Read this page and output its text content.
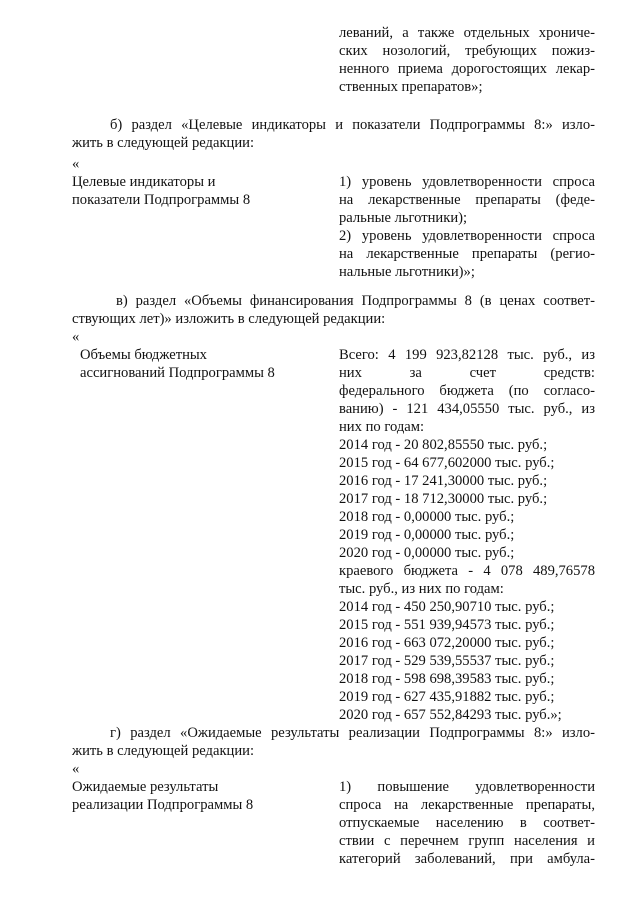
леваний, а также отдельных хрониче-
ских нозологий, требующих пожиз-
ненного приема дорогостоящих лекар-
ственных препаратов»;
б) раздел «Целевые индикаторы и показатели Подпрограммы 8:» изло-
жить в следующей редакции:
«
Целевые индикаторы и
показатели Подпрограммы 8
1) уровень удовлетворенности спроса
на лекарственные препараты (феде-
ральные льготники);
2) уровень удовлетворенности спроса
на лекарственные препараты (регио-
нальные льготники)»;
в) раздел «Объемы финансирования Подпрограммы 8 (в ценах соответ-
ствующих лет)» изложить в следующей редакции:
«
Объемы бюджетных
ассигнований Подпрограммы 8
Всего: 4 199 923,82128 тыс. руб., из
них за счет средств:
федерального бюджета (по согласо-
ванию) - 121 434,05550 тыс. руб., из
них по годам:
2014 год - 20 802,85550 тыс. руб.;
2015 год - 64 677,602000 тыс. руб.;
2016 год - 17 241,30000 тыс. руб.;
2017 год - 18 712,30000 тыс. руб.;
2018 год - 0,00000 тыс. руб.;
2019 год - 0,00000 тыс. руб.;
2020 год - 0,00000 тыс. руб.;
краевого бюджета - 4 078 489,76578
тыс. руб., из них по годам:
2014 год - 450 250,90710 тыс. руб.;
2015 год - 551 939,94573 тыс. руб.;
2016 год - 663 072,20000 тыс. руб.;
2017 год - 529 539,55537 тыс. руб.;
2018 год - 598 698,39583 тыс. руб.;
2019 год - 627 435,91882 тыс. руб.;
2020 год - 657 552,84293 тыс. руб.»;
г) раздел «Ожидаемые результаты реализации Подпрограммы 8:» изло-
жить в следующей редакции:
«
Ожидаемые результаты
реализации Подпрограммы 8
1) повышение удовлетворенности
спроса на лекарственные препараты,
отпускаемые населению в соответ-
ствии с перечнем групп населения и
категорий заболеваний, при амбула-
